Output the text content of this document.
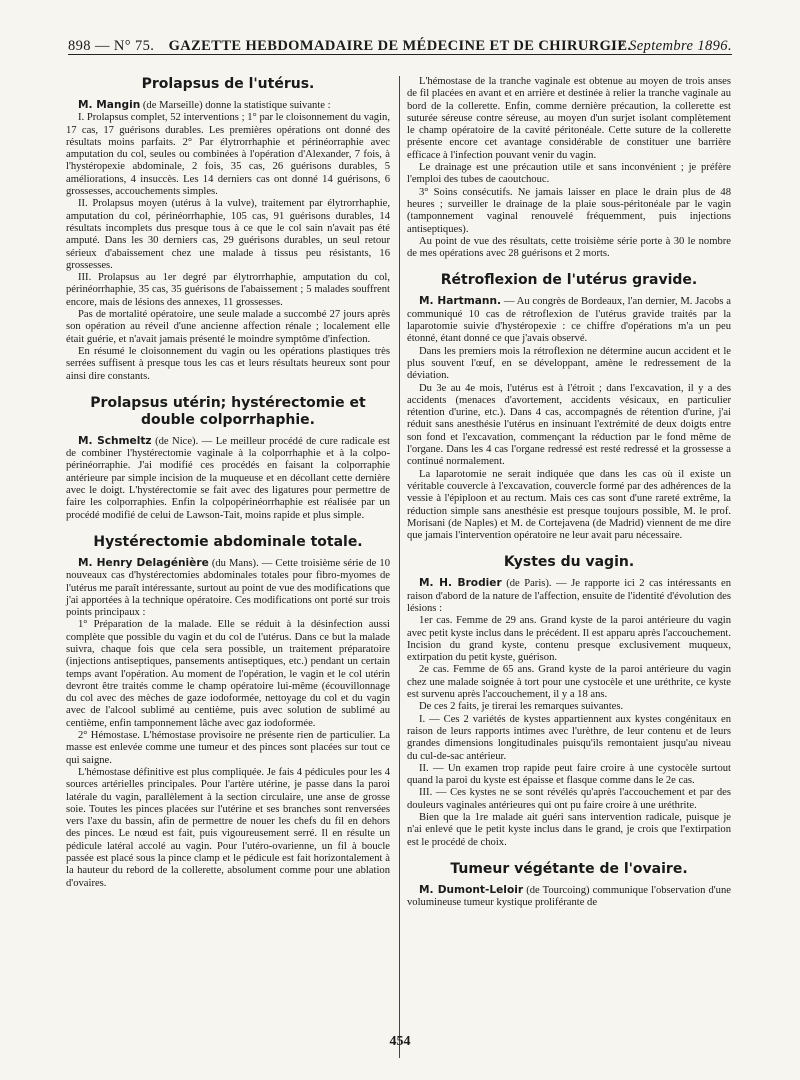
898 — N° 75. GAZETTE HEBDOMADAIRE DE MÉDECINE ET DE CHIRURGIE.
17 Septembre 1896.
Prolapsus de l'utérus.

M. Mangin (de Marseille) donne la statistique suivante :

I. Prolapsus complet, 52 interventions ; 1° par le cloisonnement du vagin, 17 cas, 17 guérisons durables. Les premières opérations ont donné des résultats moins parfaits. 2° Par élytrorrhaphie et périnéorraphie avec amputation du col, seules ou combinées à l'opération d'Alexander, 7 fois, à l'hystéropexie abdominale, 2 fois, 35 cas, 26 guérisons durables, 5 améliorations, 4 insuccès. Les 14 derniers cas ont donné 14 guérisons, 6 grossesses, accouchements simples.

II. Prolapsus moyen (utérus à la vulve), traitement par élytrorrhaphie, amputation du col, périnéorrhaphie, 105 cas, 91 guérisons durables, 14 résultats incomplets dus presque tous à ce que le col sain n'avait pas été amputé. Dans les 30 derniers cas, 29 guérisons durables, un seul retour sérieux d'abaissement chez une malade à tissus peu résistants, 16 grossesses.

III. Prolapsus au 1er degré par élytrorrhaphie, amputation du col, périnéorrhaphie, 35 cas, 35 guérisons de l'abaissement ; 5 malades souffrent encore, mais de lésions des annexes, 11 grossesses.

Pas de mortalité opératoire, une seule malade a succombé 27 jours après son opération au réveil d'une ancienne affection rénale ; localement elle était guérie, et n'avait jamais présenté le moindre symptôme d'infection.

En résumé le cloisonnement du vagin ou les opérations plastiques très serrées suffisent à presque tous les cas et leurs résultats heureux sont pour ainsi dire constants.

Prolapsus utérin; hystérectomie et double colporrhaphie.

M. Schmeltz (de Nice). — Le meilleur procédé de cure radicale est de combiner l'hystérectomie vaginale à la colporrhaphie et à la colpo-périnéorraphie. J'ai modifié ces procédés en faisant la colporraphie antérieure par simple incision de la muqueuse et en décollant cette dernière avec le doigt. L'hystérectomie se fait avec des ligatures pour permettre de faire les colporraphies. Enfin la colpopérinéorrhaphie est réalisée par un procédé modifié de celui de Lawson-Tait, moins rapide et plus simple.

Hystérectomie abdominale totale.

M. Henry Delagénière (du Mans). — Cette troisième série de 10 nouveaux cas d'hystérectomies abdominales totales pour fibro-myomes de l'utérus me paraît intéressante, surtout au point de vue des modifications que j'ai apportées à la technique opératoire. Ces modifications ont porté sur trois points principaux :

1° Préparation de la malade. Elle se réduit à la désinfection aussi complète que possible du vagin et du col de l'utérus. Dans ce but la malade suivra, chaque fois que cela sera possible, un traitement préparatoire (injections antiseptiques, pansements antiseptiques, etc.) pendant un certain temps avant l'opération. Au moment de l'opération, le vagin et le col utérin devront être traités comme le champ opératoire lui-même (écouvillonnage du col avec des mèches de gaze iodoformée, nettoyage du col et du vagin avec de l'alcool sublimé au centième, puis avec solution de sublimé au centième, enfin tamponnement lâche avec gaz iodoformée.

2° Hémostase. L'hémostase provisoire ne présente rien de particulier. La masse est enlevée comme une tumeur et des pinces sont placées sur tout ce qui saigne.

L'hémostase définitive est plus compliquée. Je fais 4 pédicules pour les 4 sources artérielles principales. Pour l'artère utérine, je passe dans la paroi latérale du vagin, parallèlement à la section circulaire, une anse de grosse soie. Toutes les pinces placées sur l'utérine et ses branches sont renversées vers l'axe du bassin, afin de permettre de nouer les chefs du fil en dehors des pinces. Le nœud est fait, puis vigoureusement serré. Il en résulte un pédicule latéral accolé au vagin. Pour l'utéro-ovarienne, un fil à boucle passée est placé sous la pince clamp et le pédicule est fait horizontalement à la hauteur du rebord de la collerette, absolument comme pour une ablation d'ovaires.

L'hémostase de la tranche vaginale est obtenue au moyen de trois anses de fil placées en avant et en arrière et destinée à relier la tranche vaginale au bord de la collerette. Enfin, comme dernière précaution, la collerette est suturée séreuse contre séreuse, au moyen d'un surjet isolant complètement le champ opératoire de la cavité péritonéale. Cette suture de la collerette présente encore cet avantage considérable de constituer une barrière efficace à l'infection pouvant venir du vagin.

Le drainage est une précaution utile et sans inconvénient ; je préfère l'emploi des tubes de caoutchouc.

3° Soins consécutifs. Ne jamais laisser en place le drain plus de 48 heures ; surveiller le drainage de la plaie sous-péritonéale par le vagin (tamponnement vaginal renouvelé fréquemment, puis injections antiseptiques).

Au point de vue des résultats, cette troisième série porte à 30 le nombre de mes opérations avec 28 guérisons et 2 morts.

Rétroflexion de l'utérus gravide.

M. Hartmann. — Au congrès de Bordeaux, l'an dernier, M. Jacobs a communiqué 10 cas de rétroflexion de l'utérus gravide traités par la laparotomie suivie d'hystéropexie : ce chiffre d'opérations m'a un peu étonné, étant donné ce que j'avais observé.

Dans les premiers mois la rétroflexion ne détermine aucun accident et le plus souvent l'œuf, en se développant, amène le redressement de la déviation.

Du 3e au 4e mois, l'utérus est à l'étroit ; dans l'excavation, il y a des accidents (menaces d'avortement, accidents vésicaux, en particulier rétention d'urine, etc.). Dans 4 cas, accompagnés de rétention d'urine, j'ai réduit sans anesthésie l'utérus en insinuant l'extrémité de deux doigts entre son fond et l'excavation, commençant la réduction par le fond même de l'organe. Dans les 4 cas l'organe redressé est resté redressé et la grossesse a continué normalement.

La laparotomie ne serait indiquée que dans les cas où il existe un véritable couvercle à l'excavation, couvercle formé par des adhérences de la vessie à l'épiploon et au rectum. Mais ces cas sont d'une rareté extrême, la réduction simple sans anesthésie est presque toujours possible, M. le prof. Morisani (de Naples) et M. de Cortejavena (de Madrid) viennent de me dire que jamais l'intervention opératoire ne leur avait paru nécessaire.

Kystes du vagin.

M. H. Brodier (de Paris). — Je rapporte ici 2 cas intéressants en raison d'abord de la nature de l'affection, ensuite de l'identité d'évolution des lésions :

1er cas. Femme de 29 ans. Grand kyste de la paroi antérieure du vagin avec petit kyste inclus dans le précédent. Il est apparu après l'accouchement. Incision du grand kyste, contenu presque exclusivement muqueux, extirpation du petit kyste, guérison.

2e cas. Femme de 65 ans. Grand kyste de la paroi antérieure du vagin chez une malade soignée à tort pour une cystocèle et une uréthrite, ce kyste est survenu après l'accouchement, il y a 18 ans.

De ces 2 faits, je tirerai les remarques suivantes.

I. — Ces 2 variétés de kystes appartiennent aux kystes congénitaux en raison de leurs rapports intimes avec l'urèthre, de leur contenu et de leurs grandes dimensions longitudinales puisqu'ils remontaient jusqu'au niveau du cul-de-sac antérieur.

II. — Un examen trop rapide peut faire croire à une cystocèle surtout quand la paroi du kyste est épaisse et flasque comme dans le 2e cas.

III. — Ces kystes ne se sont révélés qu'après l'accouchement et par des douleurs vaginales antérieures qui ont pu faire croire à une uréthrite.

Bien que la 1re malade ait guéri sans intervention radicale, puisque je n'ai enlevé que le petit kyste inclus dans le grand, je crois que l'extirpation est le procédé de choix.

Tumeur végétante de l'ovaire.

M. Dumont-Leloir (de Tourcoing) communique l'observation d'une volumineuse tumeur kystique proliférante de

454
